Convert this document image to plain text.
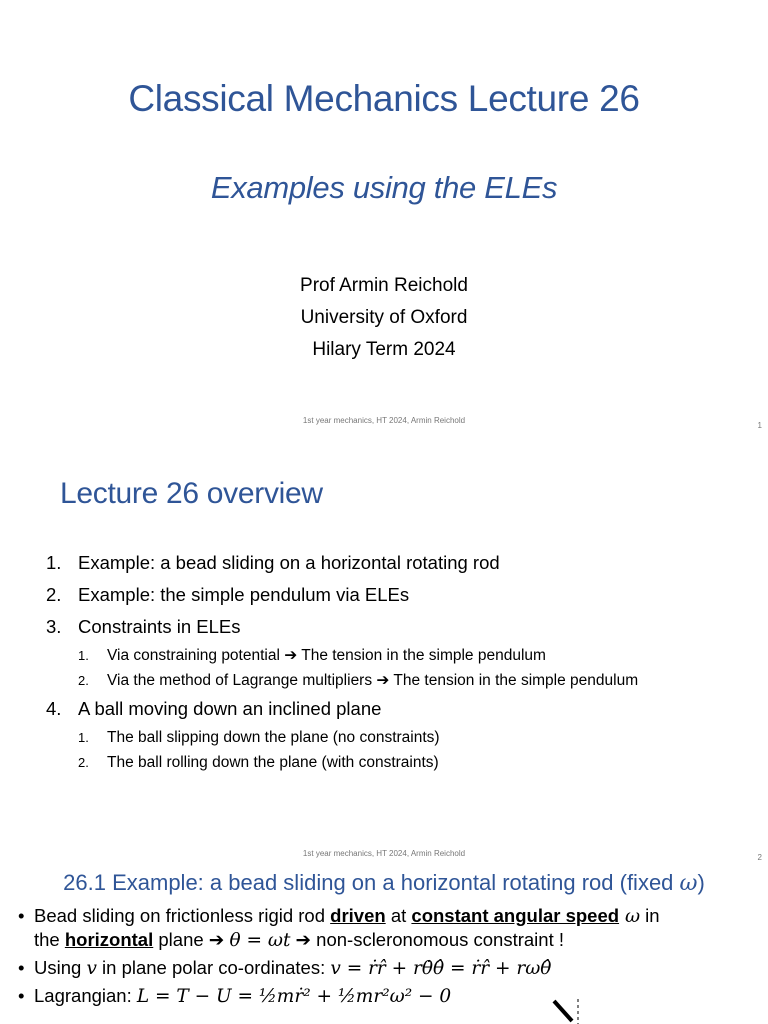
Classical Mechanics Lecture 26
Examples using the ELEs
Prof Armin Reichold
University of Oxford
Hilary Term 2024
1st year mechanics, HT 2024, Armin Reichold
1
Lecture 26 overview
1. Example: a bead sliding on a horizontal rotating rod
2. Example: the simple pendulum via ELEs
3. Constraints in ELEs
1.	Via constraining potential ➔ The tension in the simple pendulum
2.	Via the method of Lagrange multipliers ➔ The tension in the simple pendulum
4. A ball moving down an inclined plane
1.	The ball slipping down the plane (no constraints)
2.	The ball rolling down the plane (with constraints)
1st year mechanics, HT 2024, Armin Reichold	2
26.1 Example: a bead sliding on a horizontal rotating rod (fixed ω)
• Bead sliding on frictionless rigid rod driven at constant angular speed ω in
the horizontal plane ➔ θ = ωt ➔ non-scleronomous constraint !
• Using v in plane polar co-ordinates: v = ṙr̂ + rθ̇θ̂ = ṙr̂ + rωθ̂
• Lagrangian: L = T − U = ½mṙ² + ½mr²ω² − 0
